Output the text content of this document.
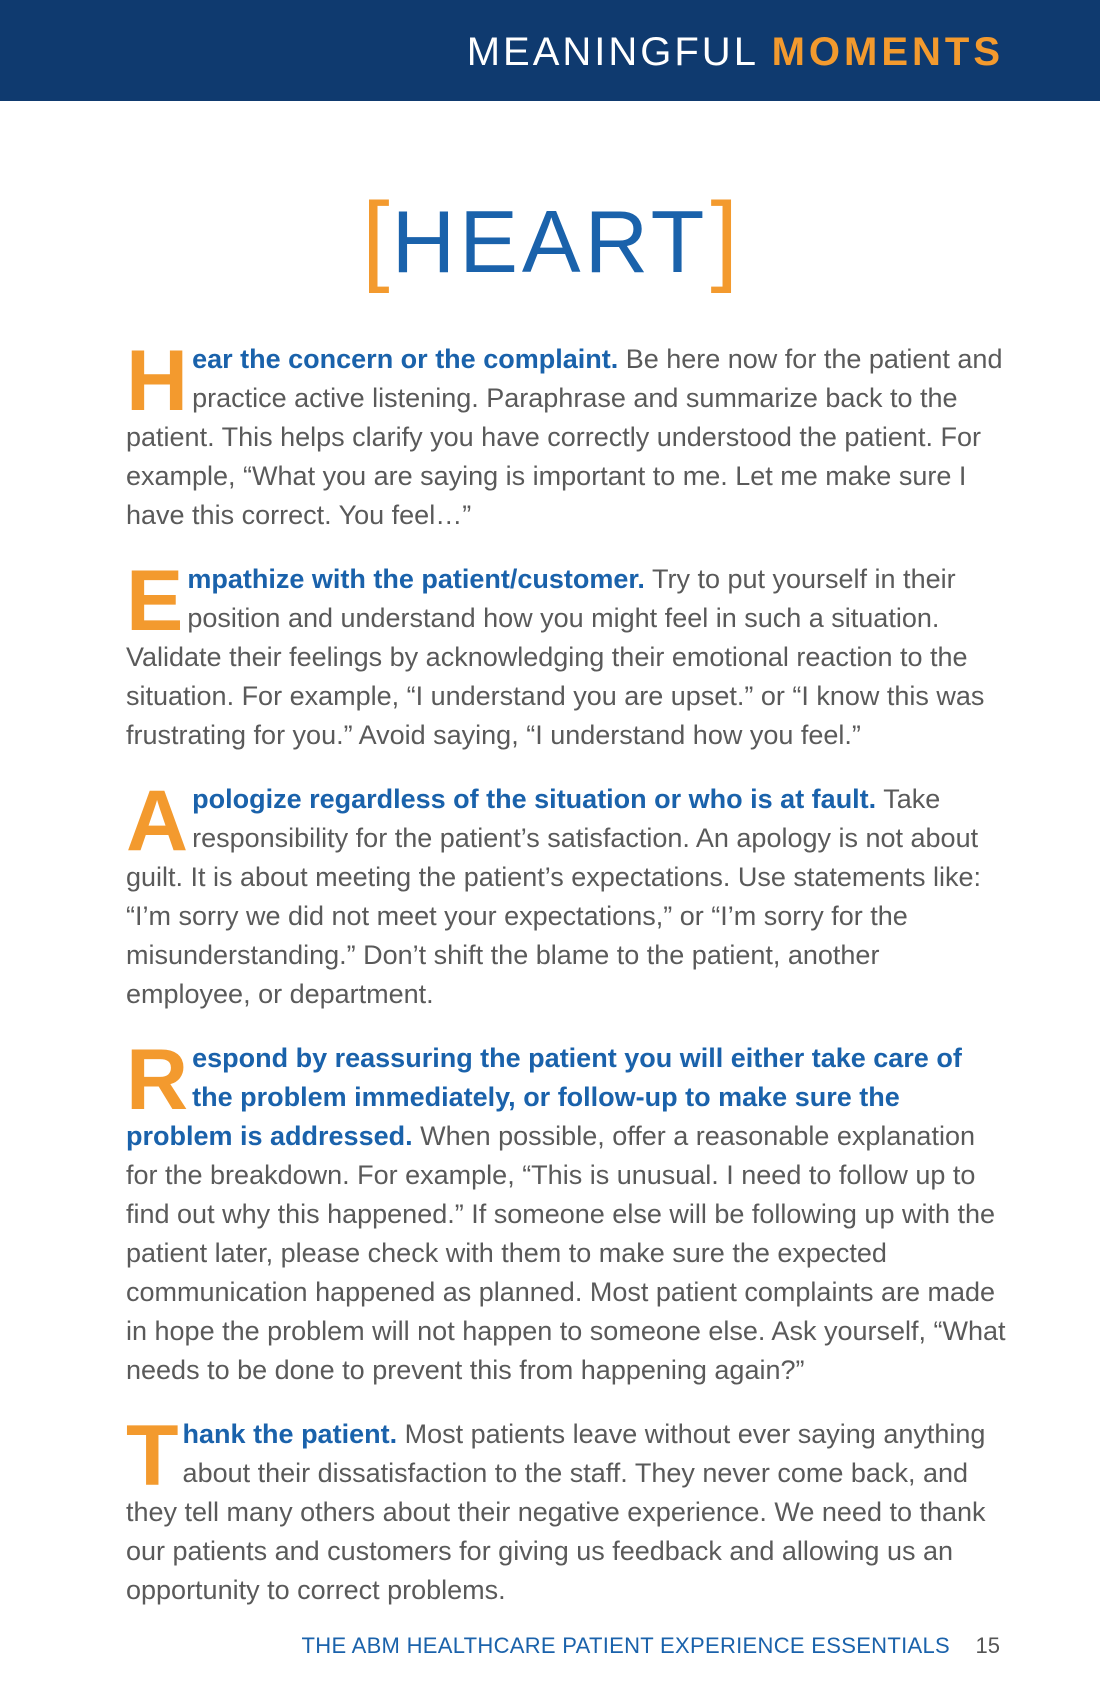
MEANINGFUL MOMENTS
[HEART]

Hear the concern or the complaint. Be here now for the patient and practice active listening. Paraphrase and summarize back to the patient. This helps clarify you have correctly understood the patient. For example, “What you are saying is important to me. Let me make sure I have this correct. You feel…”

Empathize with the patient/customer. Try to put yourself in their position and understand how you might feel in such a situation. Validate their feelings by acknowledging their emotional reaction to the situation. For example, “I understand you are upset.” or “I know this was frustrating for you.” Avoid saying, “I understand how you feel.”

Apologize regardless of the situation or who is at fault. Take responsibility for the patient’s satisfaction. An apology is not about guilt. It is about meeting the patient’s expectations. Use statements like: “I’m sorry we did not meet your expectations,” or “I’m sorry for the misunderstanding.” Don’t shift the blame to the patient, another employee, or department.

Respond by reassuring the patient you will either take care of the problem immediately, or follow-up to make sure the problem is addressed. When possible, offer a reasonable explanation for the breakdown. For example, “This is unusual. I need to follow up to find out why this happened.” If someone else will be following up with the patient later, please check with them to make sure the expected communication happened as planned. Most patient complaints are made in hope the problem will not happen to someone else. Ask yourself, “What needs to be done to prevent this from happening again?”

Thank the patient. Most patients leave without ever saying anything about their dissatisfaction to the staff. They never come back, and they tell many others about their negative experience. We need to thank our patients and customers for giving us feedback and allowing us an opportunity to correct problems.

THE ABM HEALTHCARE PATIENT EXPERIENCE ESSENTIALS 15
